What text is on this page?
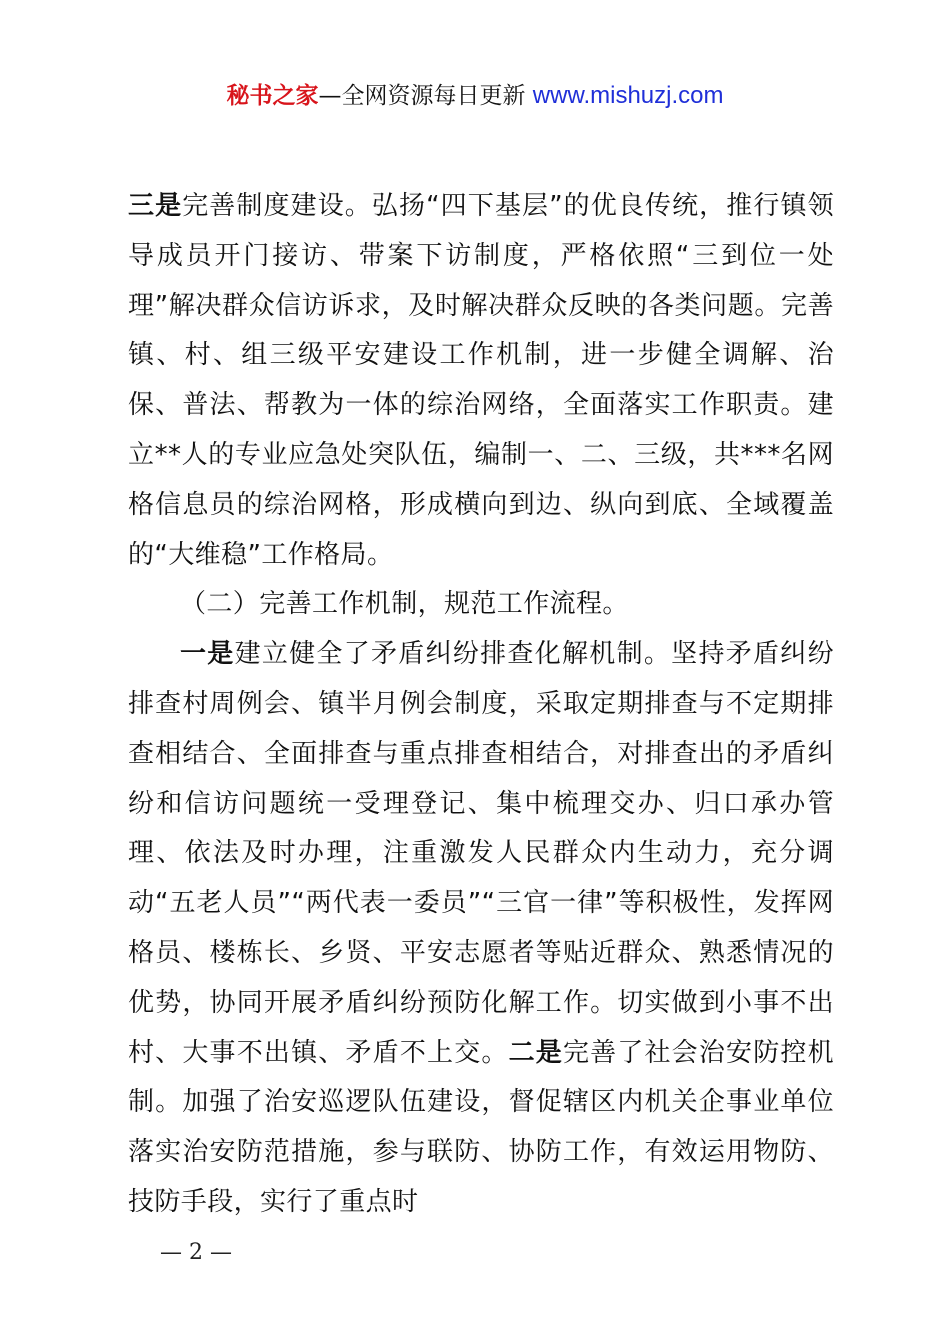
秘书之家—全网资源每日更新 www.mishuzj.com

三是完善制度建设。弘扬“四下基层”的优良传统，推行镇领导成员开门接访、带案下访制度，严格依照“三到位一处理”解决群众信访诉求，及时解决群众反映的各类问题。完善镇、村、组三级平安建设工作机制，进一步健全调解、治保、普法、帮教为一体的综治网络，全面落实工作职责。建立**人的专业应急处突队伍，编制一、二、三级，共***名网格信息员的综治网格，形成横向到边、纵向到底、全域覆盖的“大维稳”工作格局。

（二）完善工作机制，规范工作流程。

一是建立健全了矛盾纠纷排查化解机制。坚持矛盾纠纷排查村周例会、镇半月例会制度，采取定期排查与不定期排查相结合、全面排查与重点排查相结合，对排查出的矛盾纠纷和信访问题统一受理登记、集中梳理交办、归口承办管理、依法及时办理，注重激发人民群众内生动力，充分调动“五老人员”“两代表一委员”“三官一律”等积极性，发挥网格员、楼栋长、乡贤、平安志愿者等贴近群众、熟悉情况的优势，协同开展矛盾纠纷预防化解工作。切实做到小事不出村、大事不出镇、矛盾不上交。二是完善了社会治安防控机制。加强了治安巡逻队伍建设，督促辖区内机关企事业单位落实治安防范措施，参与联防、协防工作，有效运用物防、技防手段，实行了重点时

— 2 —
